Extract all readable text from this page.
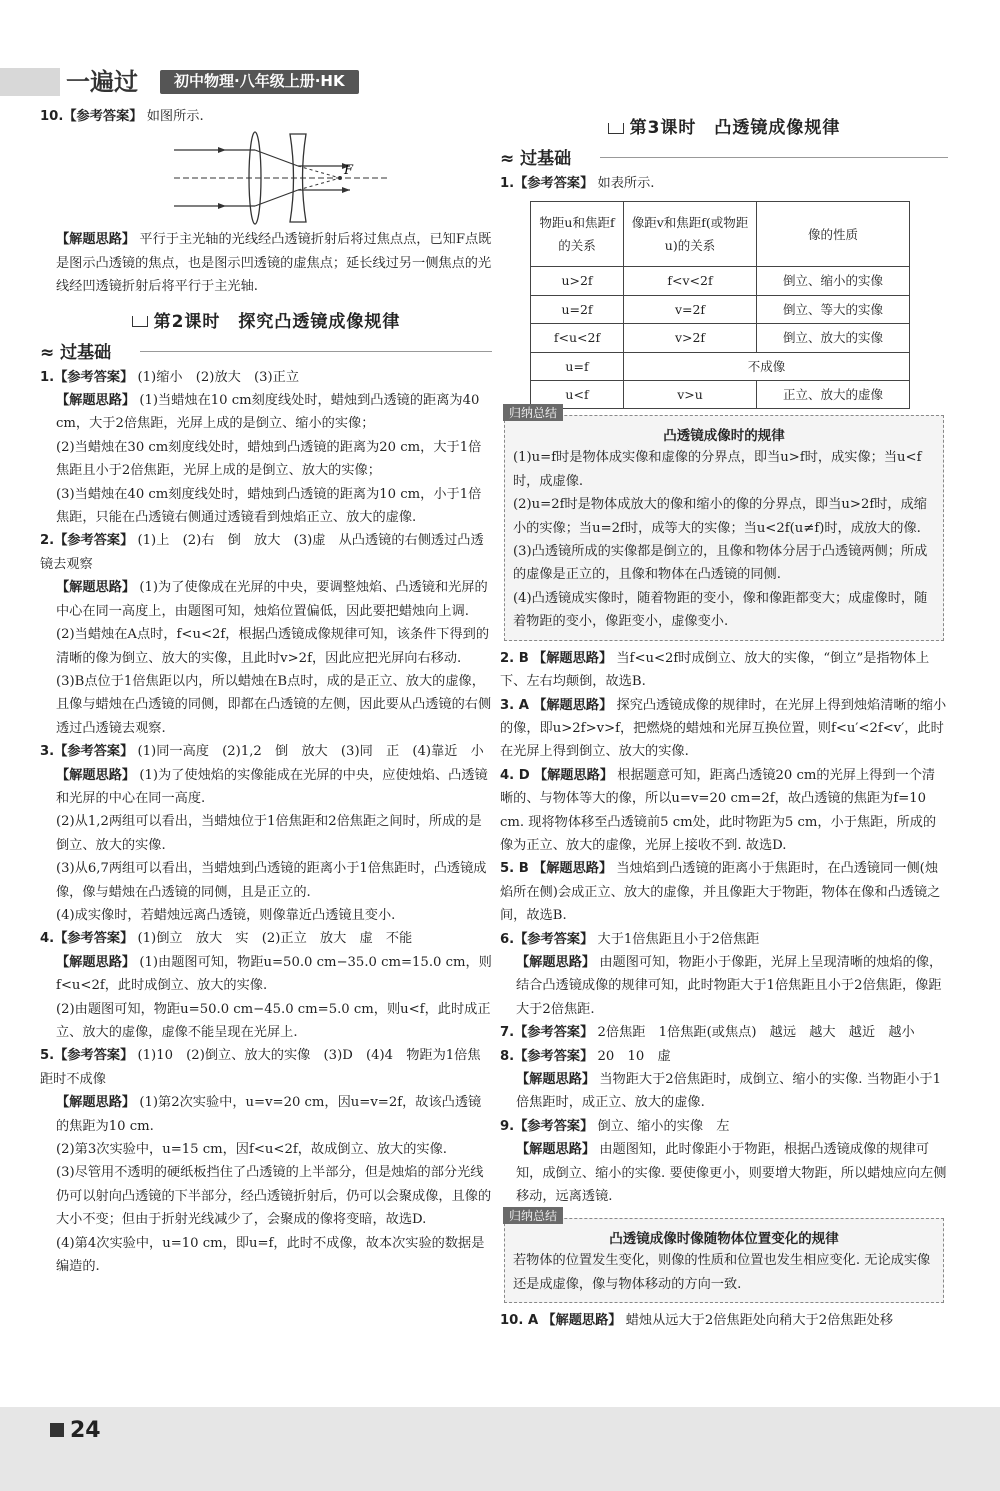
一遍过	初中物理·八年级上册·HK

10.【参考答案】 如图所示.

F

【解题思路】 平行于主光轴的光线经凸透镜折射后将过焦点点，已知F点既是图示凸透镜的焦点，也是图示凹透镜的虚焦点；延长线过另一侧焦点的光线经凹透镜折射后将平行于主光轴.

第2课时　探究凸透镜成像规律
≈ 过基础

1.【参考答案】 (1)缩小　(2)放大　(3)正立

【解题思路】 (1)当蜡烛在10 cm刻度线处时，蜡烛到凸透镜的距离为40 cm，大于2倍焦距，光屏上成的是倒立、缩小的实像；

(2)当蜡烛在30 cm刻度线处时，蜡烛到凸透镜的距离为20 cm，大于1倍焦距且小于2倍焦距，光屏上成的是倒立、放大的实像；

(3)当蜡烛在40 cm刻度线处时，蜡烛到凸透镜的距离为10 cm，小于1倍焦距，只能在凸透镜右侧通过透镜看到烛焰正立、放大的虚像.

2.【参考答案】 (1)上　(2)右　倒　放大　(3)虚　从凸透镜的右侧透过凸透镜去观察

【解题思路】 (1)为了使像成在光屏的中央，要调整烛焰、凸透镜和光屏的中心在同一高度上，由题图可知，烛焰位置偏低，因此要把蜡烛向上调.

(2)当蜡烛在A点时，f<u<2f，根据凸透镜成像规律可知，该条件下得到的清晰的像为倒立、放大的实像，且此时v>2f，因此应把光屏向右移动.

(3)B点位于1倍焦距以内，所以蜡烛在B点时，成的是正立、放大的虚像，且像与蜡烛在凸透镜的同侧，即都在凸透镜的左侧，因此要从凸透镜的右侧透过凸透镜去观察.

3.【参考答案】 (1)同一高度　(2)1,2　倒　放大　(3)同　正　(4)靠近　小

【解题思路】 (1)为了使烛焰的实像能成在光屏的中央，应使烛焰、凸透镜和光屏的中心在同一高度.

(2)从1,2两组可以看出，当蜡烛位于1倍焦距和2倍焦距之间时，所成的是倒立、放大的实像.

(3)从6,7两组可以看出，当蜡烛到凸透镜的距离小于1倍焦距时，凸透镜成像，像与蜡烛在凸透镜的同侧，且是正立的.

(4)成实像时，若蜡烛远离凸透镜，则像靠近凸透镜且变小.

4.【参考答案】 (1)倒立　放大　实　(2)正立　放大　虚　不能

【解题思路】 (1)由题图可知，物距u=50.0 cm−35.0 cm=15.0 cm，则f<u<2f，此时成倒立、放大的实像.

(2)由题图可知，物距u=50.0 cm−45.0 cm=5.0 cm，则u<f，此时成正立、放大的虚像，虚像不能呈现在光屏上.

5.【参考答案】 (1)10　(2)倒立、放大的实像　(3)D　(4)4　物距为1倍焦距时不成像

【解题思路】 (1)第2次实验中，u=v=20 cm，因u=v=2f，故该凸透镜的焦距为10 cm.

(2)第3次实验中，u=15 cm，因f<u<2f，故成倒立、放大的实像.

(3)尽管用不透明的硬纸板挡住了凸透镜的上半部分，但是烛焰的部分光线仍可以射向凸透镜的下半部分，经凸透镜折射后，仍可以会聚成像，且像的大小不变；但由于折射光线减少了，会聚成的像将变暗，故选D.

(4)第4次实验中，u=10 cm，即u=f，此时不成像，故本次实验的数据是编造的.

第3课时　凸透镜成像规律
≈ 过基础

1.【参考答案】 如表所示.

物距u和焦距f的关系	像距v和焦距f(或物距u)的关系	像的性质
u>2f	f<v<2f	倒立、缩小的实像
u=2f	v=2f	倒立、等大的实像
f<u<2f	v>2f	倒立、放大的实像
u=f	不成像	
u<f	v>u	正立、放大的虚像
归纳总结
凸透镜成像时的规律

(1)u=f时是物体成实像和虚像的分界点，即当u>f时，成实像；当u<f时，成虚像.

(2)u=2f时是物体成放大的像和缩小的像的分界点，即当u>2f时，成缩小的实像；当u=2f时，成等大的实像；当u<2f(u≠f)时，成放大的像.

(3)凸透镜所成的实像都是倒立的，且像和物体分居于凸透镜两侧；所成的虚像是正立的，且像和物体在凸透镜的同侧.

(4)凸透镜成实像时，随着物距的变小，像和像距都变大；成虚像时，随着物距的变小，像距变小，虚像变小.

2. B 【解题思路】 当f<u<2f时成倒立、放大的实像，“倒立”是指物体上下、左右均颠倒，故选B.

3. A 【解题思路】 探究凸透镜成像的规律时，在光屏上得到烛焰清晰的缩小的像，即u>2f>v>f，把燃烧的蜡烛和光屏互换位置，则f<u′<2f<v′，此时在光屏上得到倒立、放大的实像.

4. D 【解题思路】 根据题意可知，距离凸透镜20 cm的光屏上得到一个清晰的、与物体等大的像，所以u=v=20 cm=2f，故凸透镜的焦距为f=10 cm. 现将物体移至凸透镜前5 cm处，此时物距为5 cm，小于焦距，所成的像为正立、放大的虚像，光屏上接收不到. 故选D.

5. B 【解题思路】 当烛焰到凸透镜的距离小于焦距时，在凸透镜同一侧(烛焰所在侧)会成正立、放大的虚像，并且像距大于物距，物体在像和凸透镜之间，故选B.

6.【参考答案】 大于1倍焦距且小于2倍焦距

【解题思路】 由题图可知，物距小于像距，光屏上呈现清晰的烛焰的像，结合凸透镜成像的规律可知，此时物距大于1倍焦距且小于2倍焦距，像距大于2倍焦距.

7.【参考答案】 2倍焦距　1倍焦距(或焦点)　越远　越大　越近　越小

8.【参考答案】 20　10　虚

【解题思路】 当物距大于2倍焦距时，成倒立、缩小的实像. 当物距小于1倍焦距时，成正立、放大的虚像.

9.【参考答案】 倒立、缩小的实像　左

【解题思路】 由题图知，此时像距小于物距，根据凸透镜成像的规律可知，成倒立、缩小的实像. 要使像更小，则要增大物距，所以蜡烛应向左侧移动，远离透镜.

归纳总结
凸透镜成像时像随物体位置变化的规律

若物体的位置发生变化，则像的性质和位置也发生相应变化. 无论成实像还是成虚像，像与物体移动的方向一致.

10. A 【解题思路】 蜡烛从远大于2倍焦距处向稍大于2倍焦距处移

24
